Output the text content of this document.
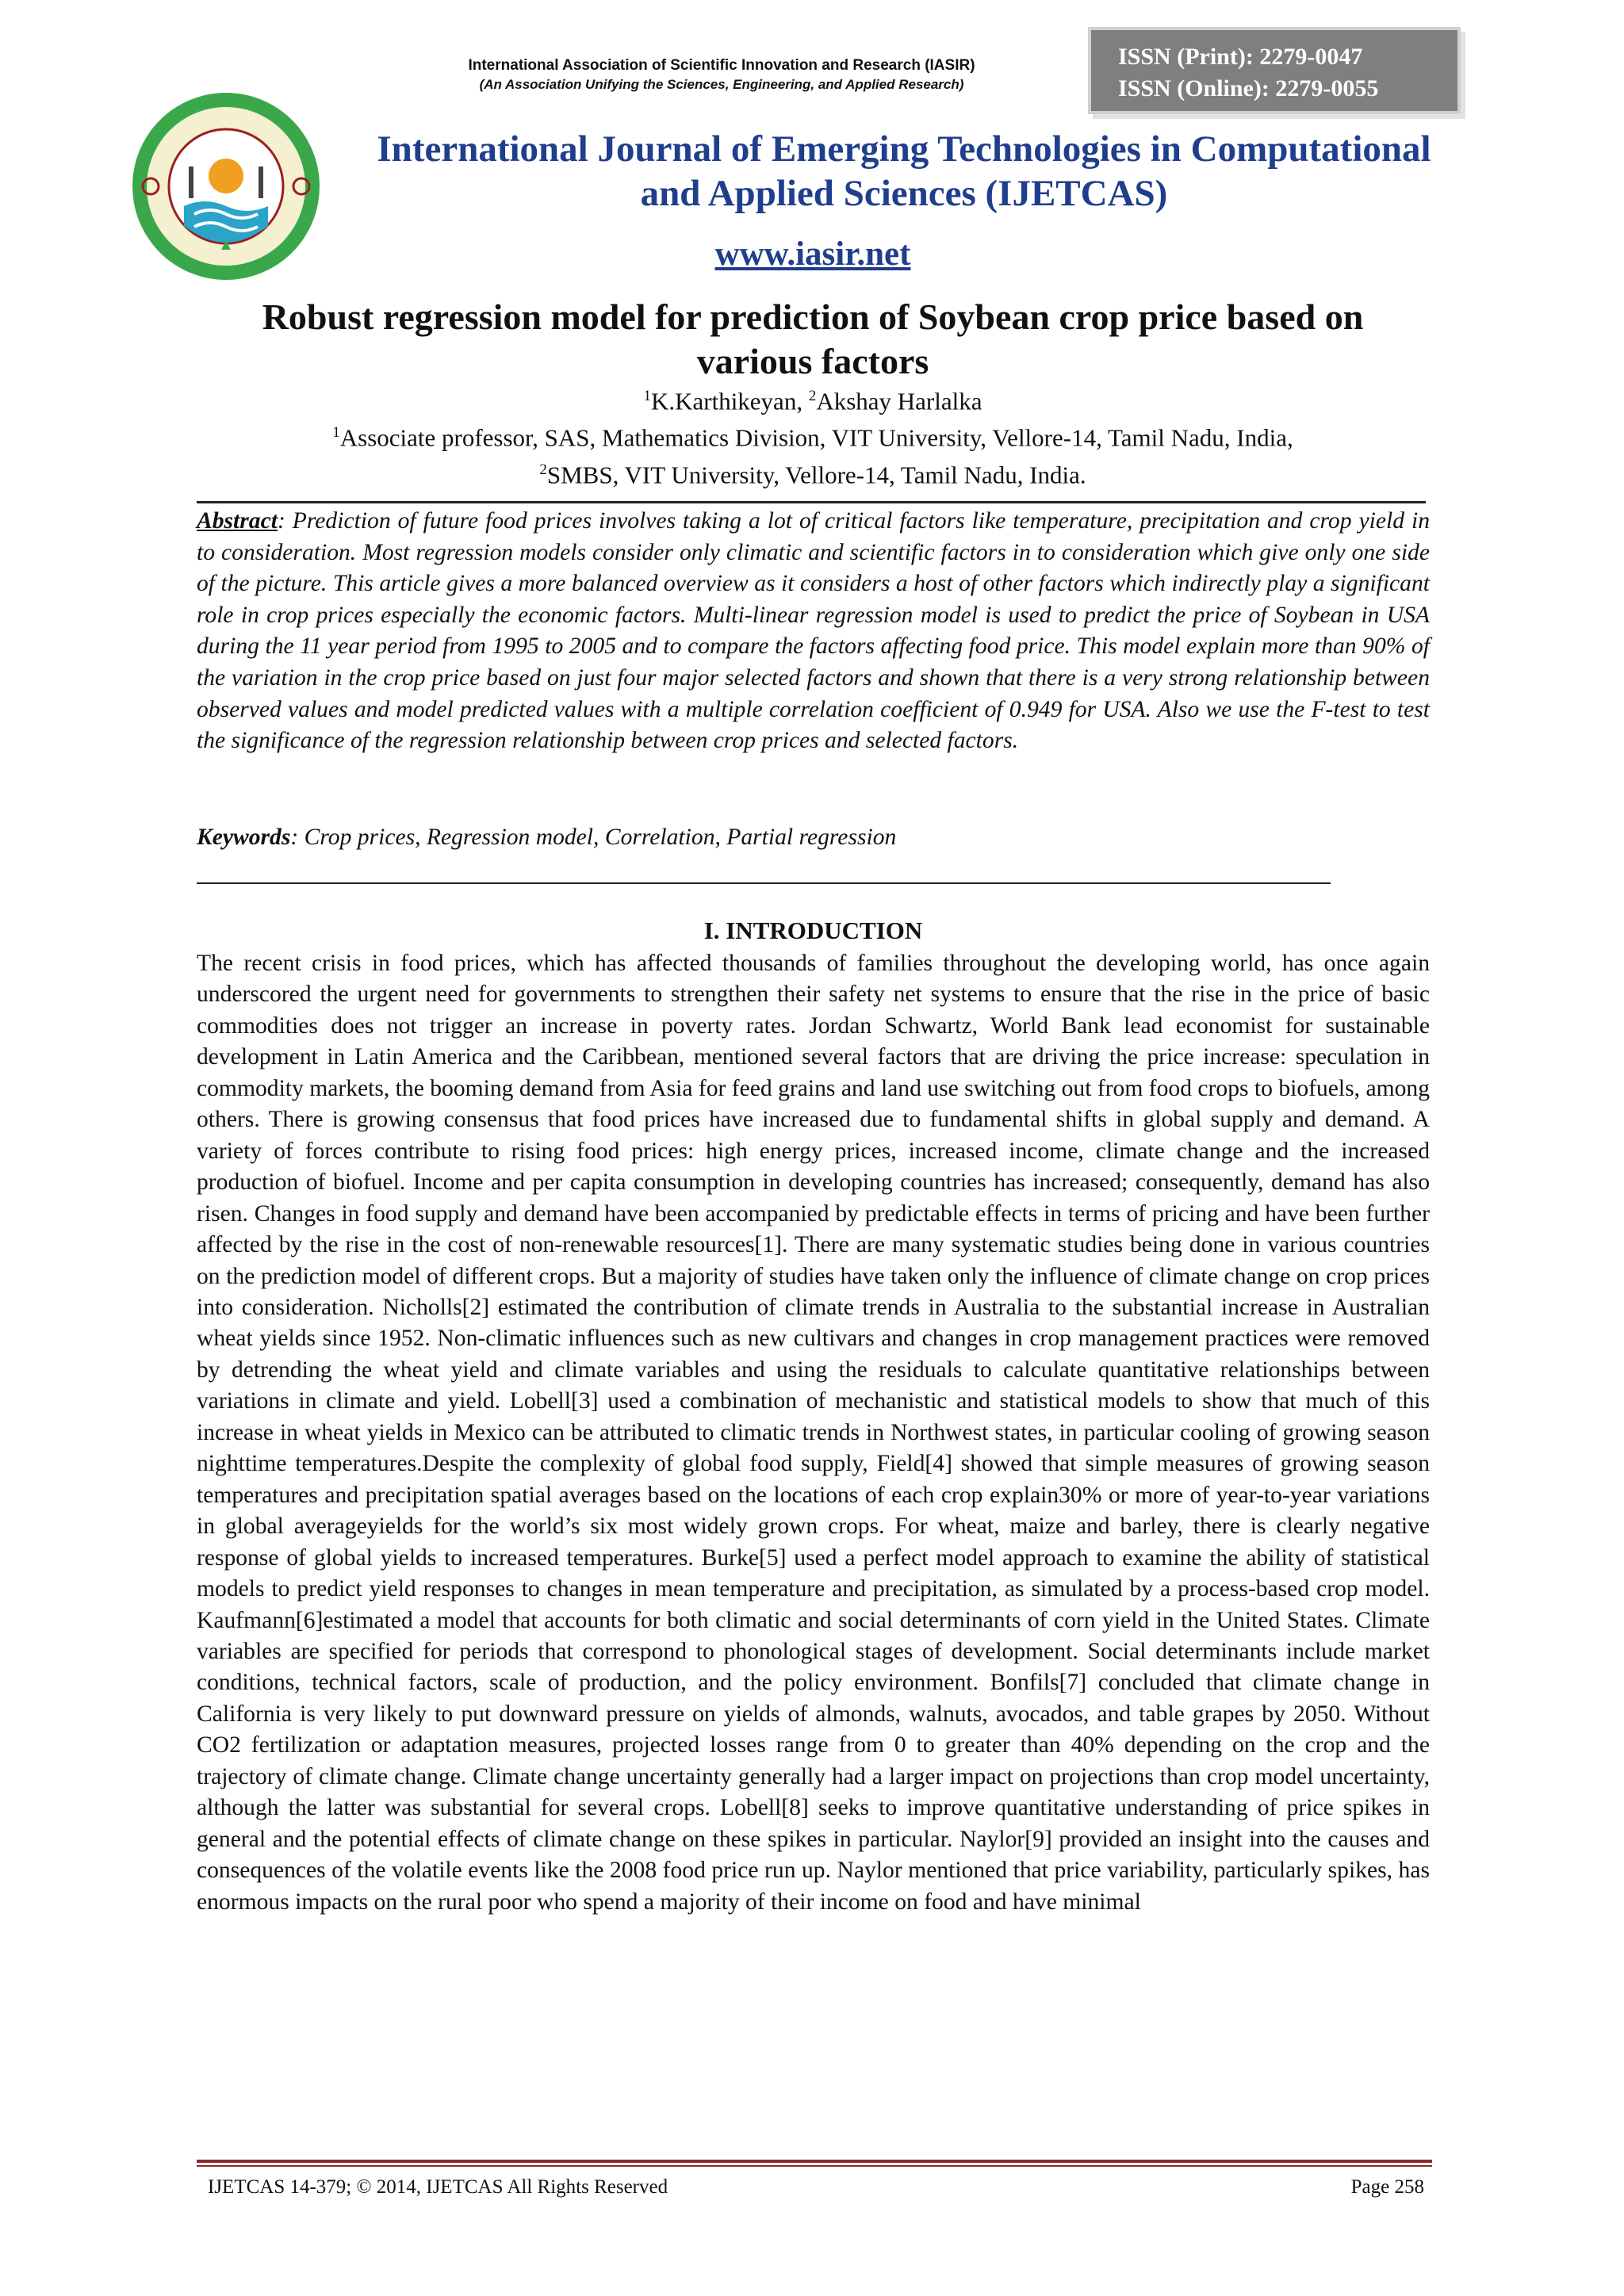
International Association of Scientific Innovation and Research (IASIR)
(An Association Unifying the Sciences, Engineering, and Applied Research)
ISSN (Print): 2279-0047
ISSN (Online): 2279-0055
▲
International Journal of Emerging Technologies in Computational
and Applied Sciences (IJETCAS)
www.iasir.net
Robust regression model for prediction of Soybean crop price based on
various factors
$^1$K.Karthikeyan, $^2$Akshay Harlalka
$^1$Associate professor, SAS, Mathematics Division, VIT University, Vellore-14, Tamil Nadu, India,
$^2$SMBS, VIT University, Vellore-14, Tamil Nadu, India.
Abstract: Prediction of future food prices involves taking a lot of critical factors like temperature, precipitation and crop yield in to consideration. Most regression models consider only climatic and scientific factors in to consideration which give only one side of the picture. This article gives a more balanced overview as it considers a host of other factors which indirectly play a significant role in crop prices especially the economic factors. Multi-linear regression model is used to predict the price of Soybean in USA during the 11 year period from 1995 to 2005 and to compare the factors affecting food price. This model explain more than 90% of the variation in the crop price based on just four major selected factors and shown that there is a very strong relationship between observed values and model predicted values with a multiple correlation coefficient of 0.949 for USA. Also we use the F-test to test the significance of the regression relationship between crop prices and selected factors.
Keywords: Crop prices, Regression model, Correlation, Partial regression
I. INTRODUCTION
The recent crisis in food prices, which has affected thousands of families throughout the developing world, has once again underscored the urgent need for governments to strengthen their safety net systems to ensure that the rise in the price of basic commodities does not trigger an increase in poverty rates. Jordan Schwartz, World Bank lead economist for sustainable development in Latin America and the Caribbean, mentioned several factors that are driving the price increase: speculation in commodity markets, the booming demand from Asia for feed grains and land use switching out from food crops to biofuels, among others. There is growing consensus that food prices have increased due to fundamental shifts in global supply and demand. A variety of forces contribute to rising food prices: high energy prices, increased income, climate change and the increased production of biofuel. Income and per capita consumption in developing countries has increased; consequently, demand has also risen. Changes in food supply and demand have been accompanied by predictable effects in terms of pricing and have been further affected by the rise in the cost of non-renewable resources[1]. There are many systematic studies being done in various countries on the prediction model of different crops. But a majority of studies have taken only the influence of climate change on crop prices into consideration. Nicholls[2] estimated the contribution of climate trends in Australia to the substantial increase in Australian wheat yields since 1952. Non-climatic influences such as new cultivars and changes in crop management practices were removed by detrending the wheat yield and climate variables and using the residuals to calculate quantitative relationships between variations in climate and yield. Lobell[3] used a combination of mechanistic and statistical models to show that much of this increase in wheat yields in Mexico can be attributed to climatic trends in Northwest states, in particular cooling of growing season nighttime temperatures.Despite the complexity of global food supply, Field[4] showed that simple measures of growing season temperatures and precipitation spatial averages based on the locations of each crop explain30% or more of year-to-year variations in global averageyields for the world’s six most widely grown crops. For wheat, maize and barley, there is clearly negative response of global yields to increased temperatures. Burke[5] used a perfect model approach to examine the ability of statistical models to predict yield responses to changes in mean temperature and precipitation, as simulated by a process-based crop model. Kaufmann[6]estimated a model that accounts for both climatic and social determinants of corn yield in the United States. Climate variables are specified for periods that correspond to phonological stages of development. Social determinants include market conditions, technical factors, scale of production, and the policy environment. Bonfils[7] concluded that climate change in California is very likely to put downward pressure on yields of almonds, walnuts, avocados, and table grapes by 2050. Without CO2 fertilization or adaptation measures, projected losses range from 0 to greater than 40% depending on the crop and the trajectory of climate change. Climate change uncertainty generally had a larger impact on projections than crop model uncertainty, although the latter was substantial for several crops. Lobell[8] seeks to improve quantitative understanding of price spikes in general and the potential effects of climate change on these spikes in particular. Naylor[9] provided an insight into the causes and consequences of the volatile events like the 2008 food price run up. Naylor mentioned that price variability, particularly spikes, has enormous impacts on the rural poor who spend a majority of their income on food and have minimal
IJETCAS 14-379; © 2014, IJETCAS All Rights Reserved	Page 258
